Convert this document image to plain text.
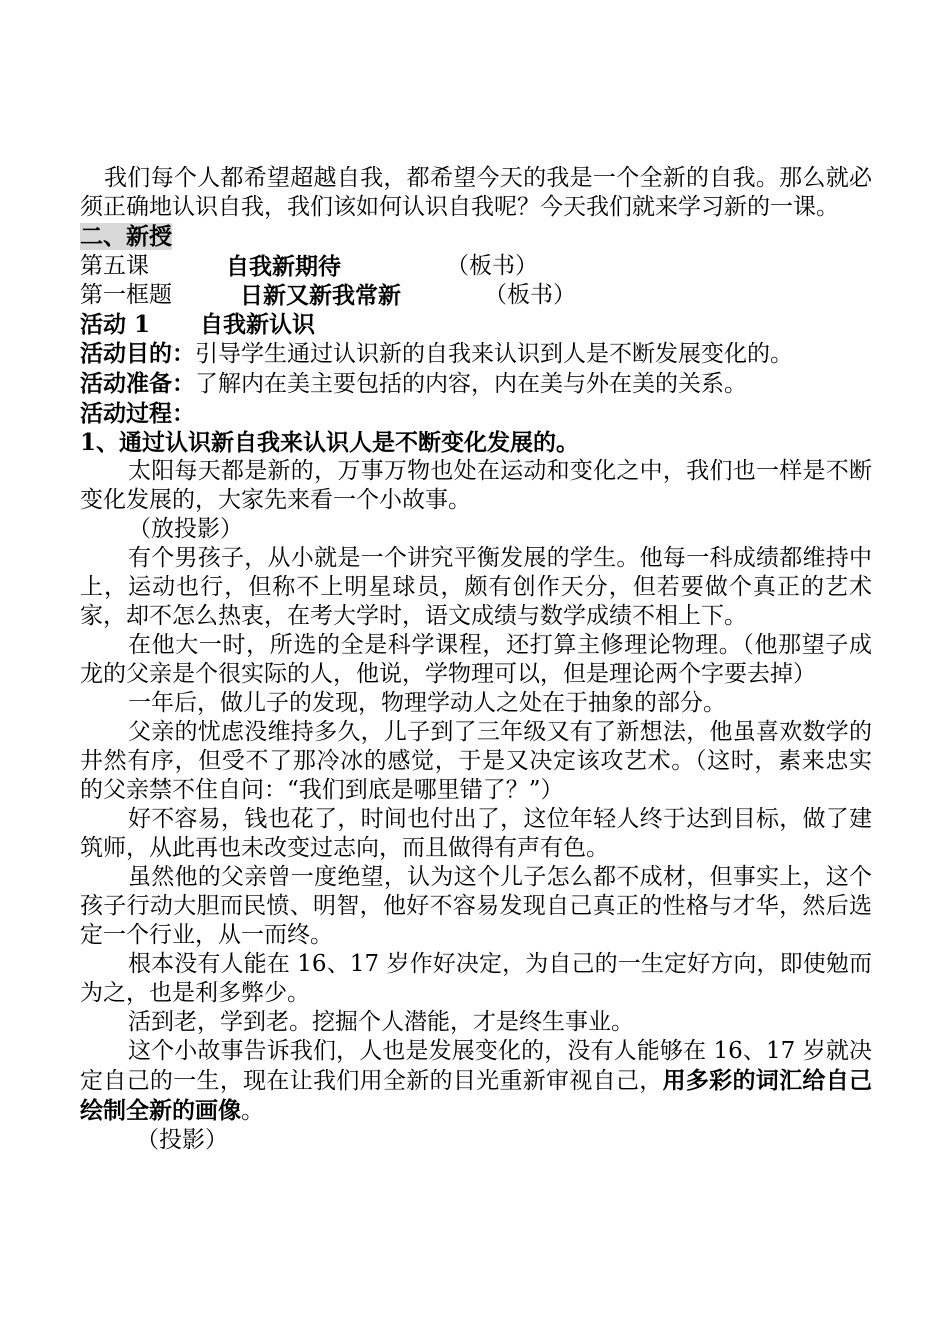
我们每个人都希望超越自我，都希望今天的我是一个全新的自我。那么就必须正确地认识自我，我们该如何认识自我呢？今天我们就来学习新的一课。

二、新授

第五课	自我新期待	（板书）

第一框题	日新又新我常新	（板书）

活动 1	自我新认识

活动目的：引导学生通过认识新的自我来认识到人是不断发展变化的。

活动准备：了解内在美主要包括的内容，内在美与外在美的关系。

活动过程：

1、通过认识新自我来认识人是不断变化发展的。

太阳每天都是新的，万事万物也处在运动和变化之中，我们也一样是不断变化发展的，大家先来看一个小故事。

（放投影）

有个男孩子，从小就是一个讲究平衡发展的学生。他每一科成绩都维持中上，运动也行，但称不上明星球员，颇有创作天分，但若要做个真正的艺术家，却不怎么热衷，在考大学时，语文成绩与数学成绩不相上下。

在他大一时，所选的全是科学课程，还打算主修理论物理。（他那望子成龙的父亲是个很实际的人，他说，学物理可以，但是理论两个字要去掉）

一年后，做儿子的发现，物理学动人之处在于抽象的部分。

父亲的忧虑没维持多久，儿子到了三年级又有了新想法，他虽喜欢数学的井然有序，但受不了那冷冰的感觉，于是又决定该攻艺术。（这时，素来忠实的父亲禁不住自问：“我们到底是哪里错了？”）

好不容易，钱也花了，时间也付出了，这位年轻人终于达到目标，做了建筑师，从此再也未改变过志向，而且做得有声有色。

虽然他的父亲曾一度绝望，认为这个儿子怎么都不成材，但事实上，这个孩子行动大胆而民愤、明智，他好不容易发现自己真正的性格与才华，然后选定一个行业，从一而终。

根本没有人能在 16、17 岁作好决定，为自己的一生定好方向，即使勉而为之，也是利多弊少。

活到老，学到老。挖掘个人潜能，才是终生事业。

这个小故事告诉我们，人也是发展变化的，没有人能够在 16、17 岁就决定自己的一生，现在让我们用全新的目光重新审视自己，用多彩的词汇给自己绘制全新的画像。

（投影）
